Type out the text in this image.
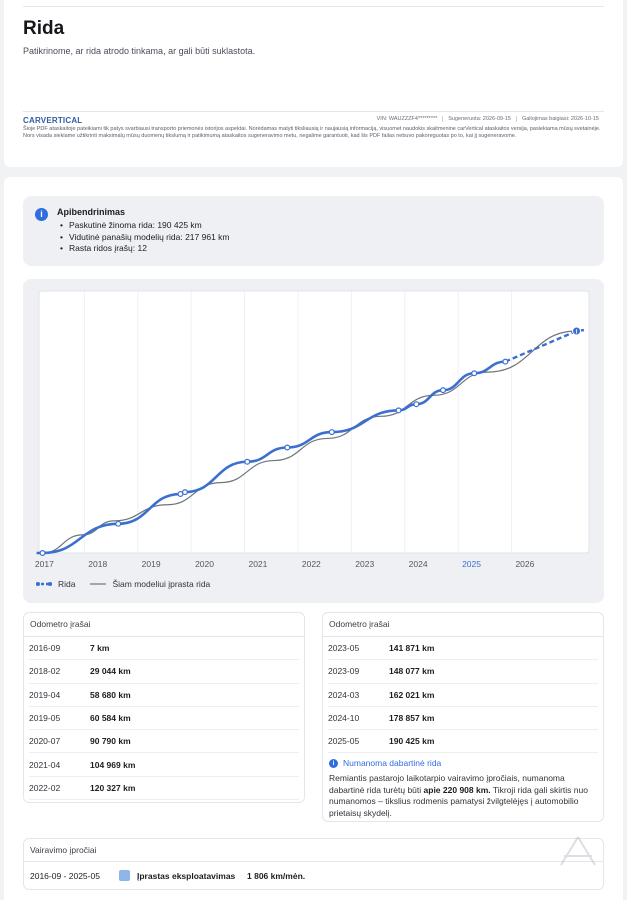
Rida
Patikrinome, ar rida atrodo tinkama, ar gali būti suklastota.
CARVERTICAL	VIN: WAUZZZF4*********	Sugeneruota: 2026-09-15	Galiojimas baigiasi: 2026-10-15
Šioje PDF ataskaitoje pateikiami tik patys svarbiausi transporto priemonės istorijos aspektai. Norėdamas matyti tiksliausią ir naujausią informaciją, visuomet naudokis skaitmenine carVertical ataskaitos versija, pasiekiama mūsų svetainėje. Nors visada siekiame užtikrinti maksimalų mūsų duomenų tikslumą ir patikimumą ataskaitos sugeneravimo metu, negalime garantuoti, kad šis PDF failas nebuvo pakoreguotas po to, kai jį sugeneravome.
i	Apibendrinimas
• Paskutinė žinoma rida: 190 425 km
• Vidutinė panašių modelių rida: 217 961 km
• Rasta ridos įrašų: 12
2017	2018	2019	2020	2021	2022	2023	2024	2025	2026
i
Rida	Šiam modeliui įprasta rida
Odometro įrašai
2016-09	7 km
2018-02	29 044 km
2019-04	58 680 km
2019-05	60 584 km
2020-07	90 790 km
2021-04	104 969 km
2022-02	120 327 km
Odometro įrašai
2023-05	141 871 km
2023-09	148 077 km
2024-03	162 021 km
2024-10	178 857 km
2025-05	190 425 km
i	Numanoma dabartinė rida
Remiantis pastarojo laikotarpio vairavimo įpročiais, numanoma dabartinė rida turėtų būti apie 220 908 km. Tikroji rida gali skirtis nuo numanomos – tikslius rodmenis pamatysi žvilgtelėjęs į automobilio prietaisų skydelį.
Vairavimo įpročiai
2016-09 - 2025-05	Įprastas eksploatavimas	1 806 km/mėn.
